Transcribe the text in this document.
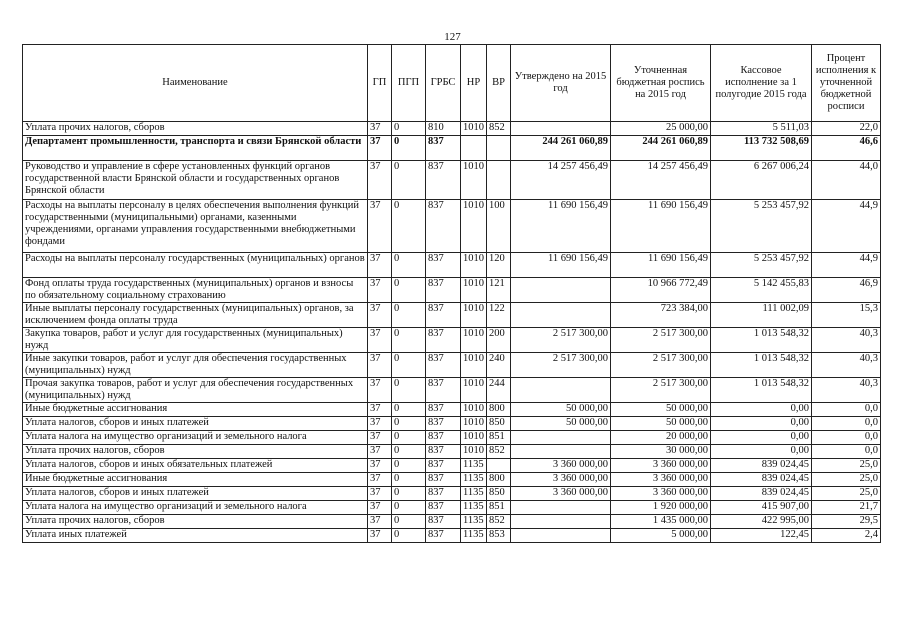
127
Наименование	ГП	ПГП	ГРБС	НР	ВР	Утверждено на 2015 год	Уточненная бюджетная роспись на 2015 год	Кассовое исполнение за 1 полугодие 2015 года	Процент исполнения к уточненной бюджетной росписи
Уплата прочих налогов, сборов	37	0	810	1010	852		25 000,00	5 511,03	22,0
Департамент промышленности, транспорта и связи Брянской области	37	0	837			244 261 060,89	244 261 060,89	113 732 508,69	46,6
Руководство и управление в сфере установленных функций органов государственной власти Брянской области и государственных органов Брянской области	37	0	837	1010		14 257 456,49	14 257 456,49	6 267 006,24	44,0
Расходы на выплаты персоналу в целях обеспечения выполнения функций государственными (муниципальными) органами, казенными учреждениями, органами управления государственными внебюджетными фондами	37	0	837	1010	100	11 690 156,49	11 690 156,49	5 253 457,92	44,9
Расходы на выплаты персоналу государственных (муниципальных) органов	37	0	837	1010	120	11 690 156,49	11 690 156,49	5 253 457,92	44,9
Фонд оплаты труда государственных (муниципальных) органов и взносы по обязательному социальному страхованию	37	0	837	1010	121		10 966 772,49	5 142 455,83	46,9
Иные выплаты персоналу государственных (муниципальных) органов, за исключением фонда оплаты труда	37	0	837	1010	122		723 384,00	111 002,09	15,3
Закупка товаров, работ и услуг для государственных (муниципальных) нужд	37	0	837	1010	200	2 517 300,00	2 517 300,00	1 013 548,32	40,3
Иные закупки товаров, работ и услуг для обеспечения государственных (муниципальных) нужд	37	0	837	1010	240	2 517 300,00	2 517 300,00	1 013 548,32	40,3
Прочая закупка товаров, работ и услуг для обеспечения государственных (муниципальных) нужд	37	0	837	1010	244		2 517 300,00	1 013 548,32	40,3
Иные бюджетные ассигнования	37	0	837	1010	800	50 000,00	50 000,00	0,00	0,0
Уплата налогов, сборов и иных платежей	37	0	837	1010	850	50 000,00	50 000,00	0,00	0,0
Уплата налога на имущество организаций и земельного налога	37	0	837	1010	851		20 000,00	0,00	0,0
Уплата прочих налогов, сборов	37	0	837	1010	852		30 000,00	0,00	0,0
Уплата налогов, сборов и иных обязательных платежей	37	0	837	1135		3 360 000,00	3 360 000,00	839 024,45	25,0
Иные бюджетные ассигнования	37	0	837	1135	800	3 360 000,00	3 360 000,00	839 024,45	25,0
Уплата налогов, сборов и иных платежей	37	0	837	1135	850	3 360 000,00	3 360 000,00	839 024,45	25,0
Уплата налога на имущество организаций и земельного налога	37	0	837	1135	851		1 920 000,00	415 907,00	21,7
Уплата прочих налогов, сборов	37	0	837	1135	852		1 435 000,00	422 995,00	29,5
Уплата иных платежей	37	0	837	1135	853		5 000,00	122,45	2,4
